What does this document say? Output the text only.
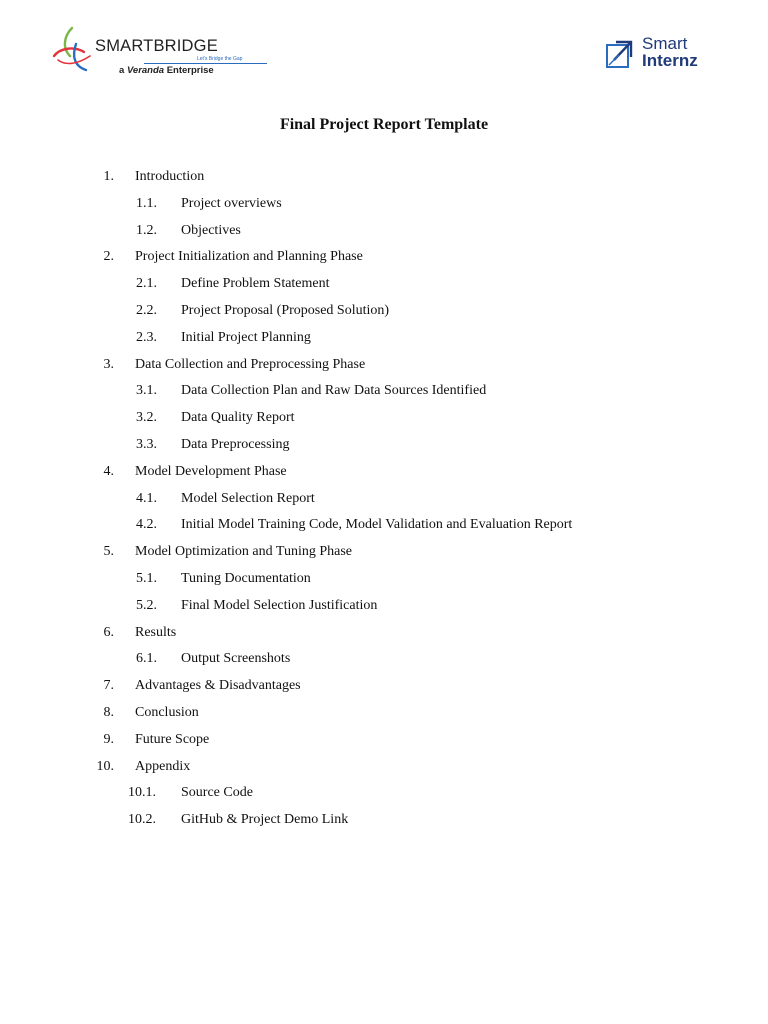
SMARTBRIDGE
Let's Bridge the Gap
a Veranda Enterprise
Smart
Internz
Final Project Report Template
1. Introduction
1.1. Project overviews
1.2. Objectives
2. Project Initialization and Planning Phase
2.1. Define Problem Statement
2.2. Project Proposal (Proposed Solution)
2.3. Initial Project Planning
3. Data Collection and Preprocessing Phase
3.1. Data Collection Plan and Raw Data Sources Identified
3.2. Data Quality Report
3.3. Data Preprocessing
4. Model Development Phase
4.1. Model Selection Report
4.2. Initial Model Training Code, Model Validation and Evaluation Report
5. Model Optimization and Tuning Phase
5.1. Tuning Documentation
5.2. Final Model Selection Justification
6. Results
6.1. Output Screenshots
7. Advantages & Disadvantages
8. Conclusion
9. Future Scope
10. Appendix
10.1. Source Code
10.2. GitHub & Project Demo Link
